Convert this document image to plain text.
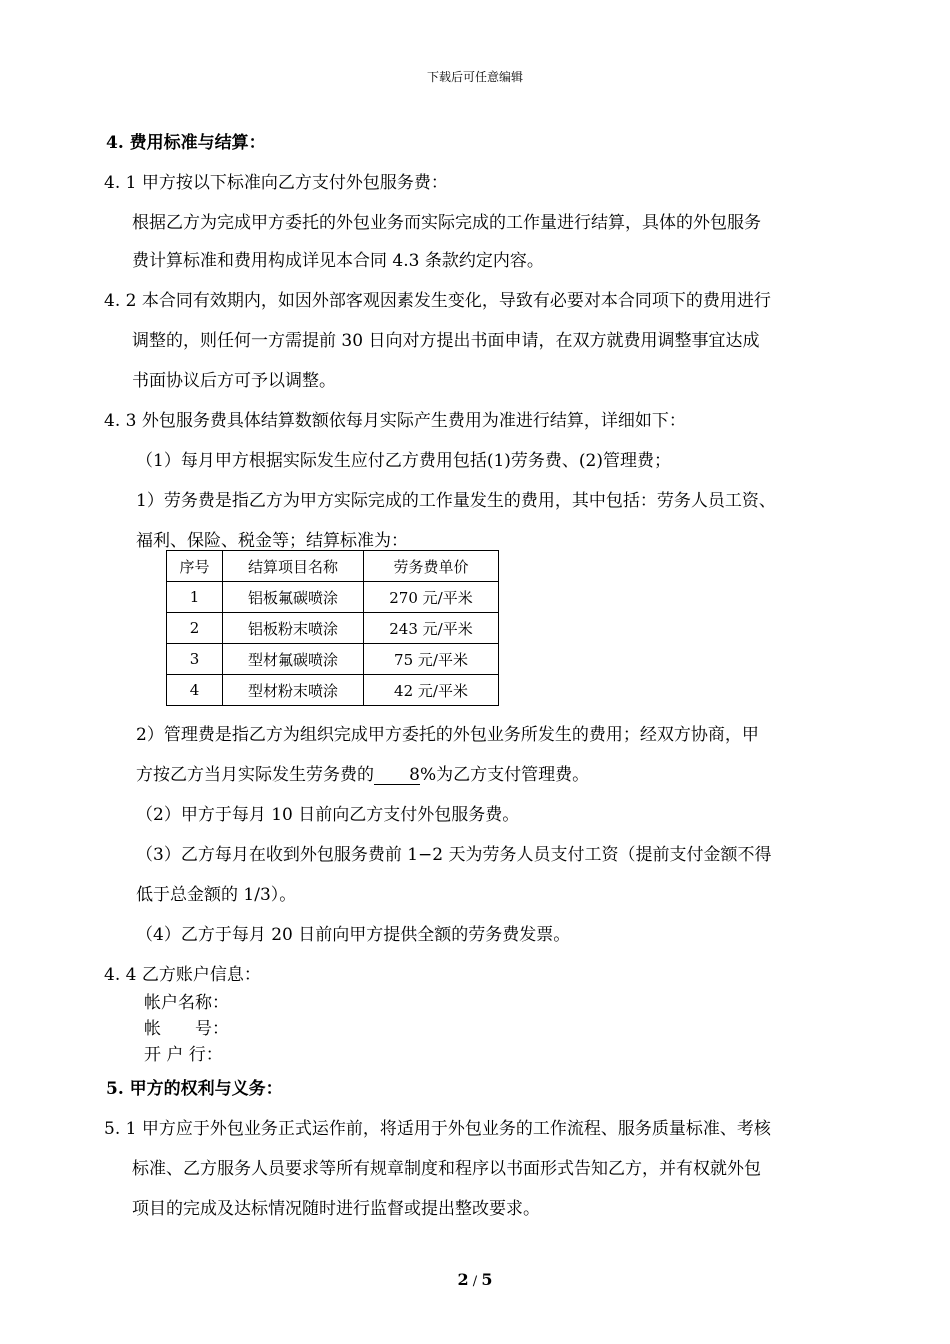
下载后可任意编辑
4. 费用标准与结算：
4. 1 甲方按以下标准向乙方支付外包服务费：
根据乙方为完成甲方委托的外包业务而实际完成的工作量进行结算，具体的外包服务
费计算标准和费用构成详见本合同 4.3 条款约定内容。
4. 2 本合同有效期内，如因外部客观因素发生变化，导致有必要对本合同项下的费用进行
调整的，则任何一方需提前 30 日向对方提出书面申请，在双方就费用调整事宜达成
书面协议后方可予以调整。
4. 3 外包服务费具体结算数额依每月实际产生费用为准进行结算，详细如下：
（1）每月甲方根据实际发生应付乙方费用包括(1)劳务费、(2)管理费；
1）劳务费是指乙方为甲方实际完成的工作量发生的费用，其中包括：劳务人员工资、
福利、保险、税金等；结算标准为：
序号	结算项目名称	劳务费单价
1	铝板氟碳喷涂	270 元/平米
2	铝板粉末喷涂	243 元/平米
3	型材氟碳喷涂	75 元/平米
4	型材粉末喷涂	42 元/平米
2）管理费是指乙方为组织完成甲方委托的外包业务所发生的费用；经双方协商，甲
方按乙方当月实际发生劳务费的 8%为乙方支付管理费。
（2）甲方于每月 10 日前向乙方支付外包服务费。
（3）乙方每月在收到外包服务费前 1−2 天为劳务人员支付工资（提前支付金额不得
低于总金额的 1/3）。
（4）乙方于每月 20 日前向甲方提供全额的劳务费发票。
4. 4 乙方账户信息：
帐户名称：
帐　　号：
开 户 行：
5. 甲方的权利与义务：
5. 1 甲方应于外包业务正式运作前，将适用于外包业务的工作流程、服务质量标准、考核
标准、乙方服务人员要求等所有规章制度和程序以书面形式告知乙方，并有权就外包
项目的完成及达标情况随时进行监督或提出整改要求。
2 / 5
